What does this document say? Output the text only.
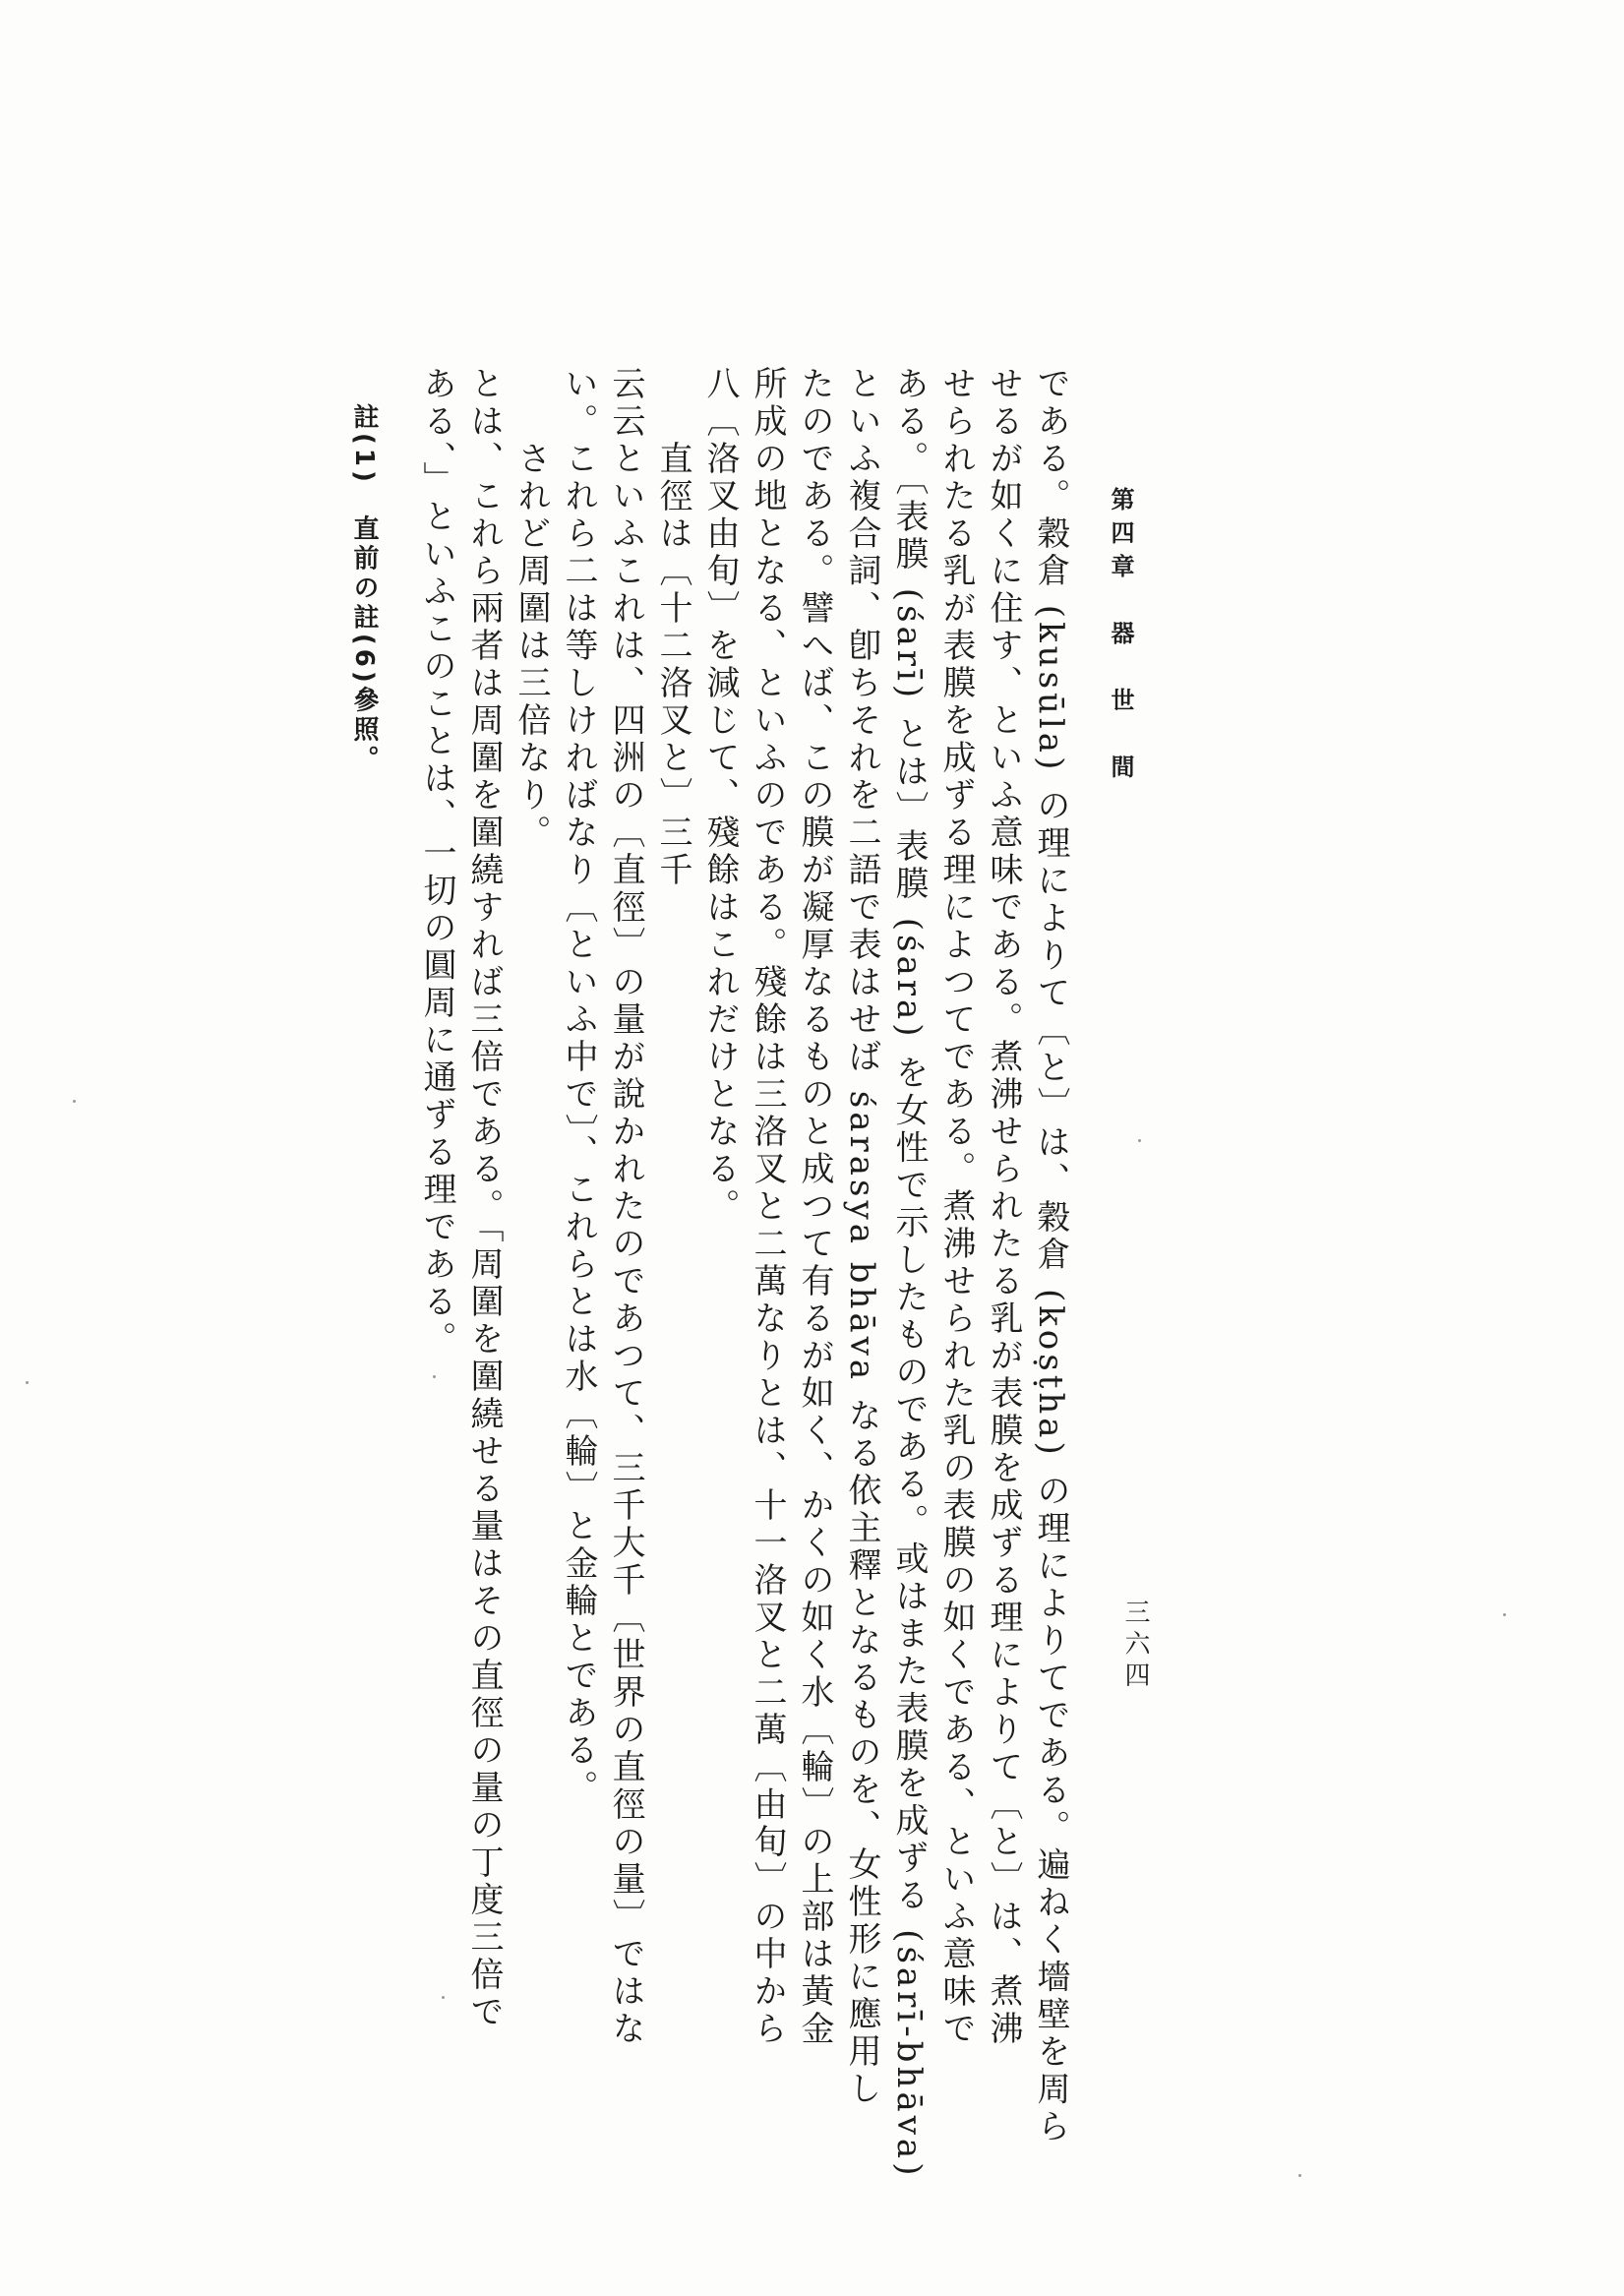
三六四
第四章　器　世　間
である。穀倉 (kusūla) の理によりて〔と〕は、穀倉 (koṣṭha) の理によりてである。遍ねく墻壁を周ら
せるが如くに住す、といふ意味である。煮沸せられたる乳が表膜を成ずる理によりて〔と〕は、煮沸
せられたる乳が表膜を成ずる理によつてである。煮沸せられた乳の表膜の如くである、といふ意味で
ある。〔表膜 (śarī) とは〕表膜 (śara) を女性で示したものである。或はまた表膜を成ずる (śarī-bhāva)
といふ複合詞、卽ちそれを二語で表はせば śarasya bhāva なる依主釋となるものを、女性形に應用し
たのである。譬へば、この膜が凝厚なるものと成つて有るが如く、かくの如く水〔輪〕の上部は黃金
所成の地となる、といふのである。殘餘は三洛叉と二萬なりとは、十一洛叉と二萬〔由旬〕の中から
八〔洛叉由旬〕を減じて、殘餘はこれだけとなる。
　　直徑は〔十二洛叉と〕三千
云云といふこれは、四洲の〔直徑〕の量が說かれたのであつて、三千大千〔世界の直徑の量〕ではな
い。これら二は等しければなり〔といふ中で〕、これらとは水〔輪〕と金輪とである。
　　されど周圍は三倍なり。
とは、これら兩者は周圍を圍繞すれば三倍である。「周圍を圍繞せる量はその直徑の量の丁度三倍で
ある、」といふこのことは、一切の圓周に通ずる理である。
註(1)　直前の註(6)參照。
